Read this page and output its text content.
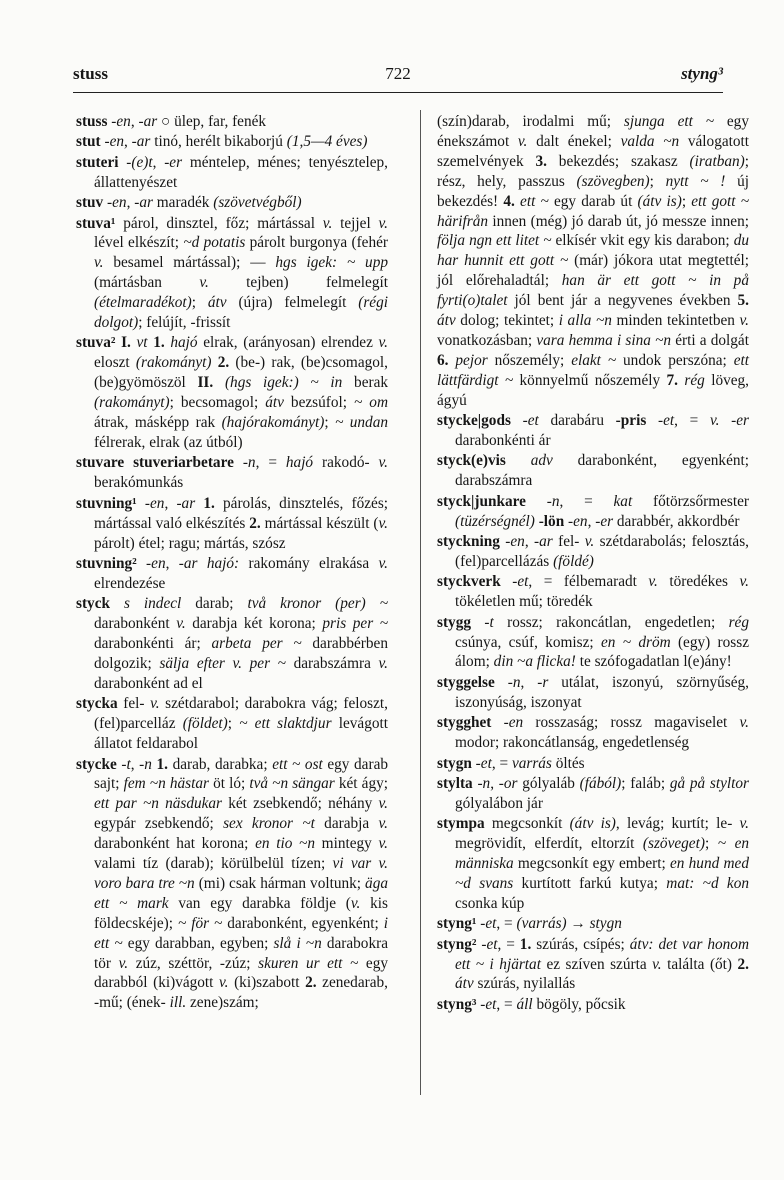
stuss	722	styng³
stuss -en, -ar ○ ülep, far, fenék
stut -en, -ar tinó, herélt bikaborjú (1,5—4 éves)
stuteri -(e)t, -er méntelep, ménes; tenyésztelep, állattenyészet
stuv -en, -ar maradék (szövetvégből)
stuva¹ párol, dinsztel, főz; mártással v. tejjel v. lével elkészít; ~d potatis párolt burgonya (fehér v. besamel mártással); — hgs igek: ~ upp (mártásban v. tejben) felmelegít (ételmaradékot); átv (újra) felmelegít (régi dolgot); felújít, -frissít
stuva² I. vt 1. hajó elrak, (arányosan) elrendez v. eloszt (rakományt) 2. (be-) rak, (be)csomagol, (be)gyömöszöl II. (hgs igek:) ~ in berak (rakományt); becsomagol; átv bezsúfol; ~ om átrak, másképp rak (hajórakományt); ~ undan félrerak, elrak (az útból)
stuvare stuveriarbetare -n, = hajó rakodó- v. berakómunkás
stuvning¹ -en, -ar 1. párolás, dinsztelés, főzés; mártással való elkészítés 2. mártással készült (v. párolt) étel; ragu; mártás, szósz
stuvning² -en, -ar hajó: rakomány elrakása v. elrendezése
styck s indecl darab; två kronor (per) ~ darabonként v. darabja két korona; pris per ~ darabonkénti ár; arbeta per ~ darabbérben dolgozik; sälja efter v. per ~ darabszámra v. darabonként ad el
stycka fel- v. szétdarabol; darabokra vág; feloszt, (fel)parcelláz (földet); ~ ett slaktdjur levágott állatot feldarabol
stycke -t, -n 1. darab, darabka; ett ~ ost egy darab sajt; fem ~n hästar öt ló; två ~n sängar két ágy; ett par ~n näsdukar két zsebkendő; néhány v. egypár zsebkendő; sex kronor ~t darabja v. darabonként hat korona; en tio ~n mintegy v. valami tíz (darab); körülbelül tízen; vi var v. voro bara tre ~n (mi) csak hárman voltunk; äga ett ~ mark van egy darabka földje (v. kis földecskéje); ~ för ~ darabonként, egyenként; i ett ~ egy darabban, egyben; slå i ~n darabokra tör v. zúz, szétt​ör, -zúz; skuren ur ett ~ egy darabból (ki)vágott v. (ki)szabott 2. zenedarab, -mű; (ének- ill. zene)szám;
(szín)darab, irodalmi mű; sjunga ett ~ egy énekszámot v. dalt énekel; valda ~n válogatott szemelvények 3. bekezdés; szakasz (iratban); rész, hely, passzus (szövegben); nytt ~ ! új bekezdés! 4. ett ~ egy darab út (átv is); ett gott ~ härifrån innen (még) jó darab út, jó messze innen; följa ngn ett litet ~ elkísér vkit egy kis darabon; du har hunnit ett gott ~ (már) jókora utat megtettél; jól előrehaladtál; han är ett gott ~ in på fyrti(o)talet jól bent jár a negyvenes években 5. átv dolog; tekintet; i alla ~n minden tekintetben v. vonatkozásban; vara hemma i sina ~n érti a dolgát 6. pejor nőszemély; elakt ~ undok perszóna; ett lättfärdigt ~ könnyelmű nőszemély 7. rég löveg, ágyú
stycke|gods -et darabáru -pris -et, = v. -er darabonkénti ár
styck(e)vis adv darabonként, egyenként; darabszámra
styck|junkare -n, = kat főtörzsőrmester (tüzérségnél) -lön -en, -er darabbér, akkordbér
styckning -en, -ar fel- v. szétdarabolás; felosztás, (fel)parcellázás (földé)
styckverk -et, = félbemaradt v. töredékes v. tökéletlen mű; töredék
stygg -t rossz; rakoncátlan, engedetlen; rég csúnya, csúf, komisz; en ~ dröm (egy) rossz álom; din ~a flicka! te szófogadatlan l(e)ány!
styggelse -n, -r utálat, iszonyú, szörnyűség, iszonyúság, iszonyat
stygghet -en rosszaság; rossz magaviselet v. modor; rakoncátlanság, engedetlenség
stygn -et, = varrás öltés
stylta -n, -or gólyaláb (fából); faláb; gå på styltor gólyalábon jár
stympa megcsonkít (átv is), levág; kurtít; le- v. megrövidít, elferdít, eltorzít (szöveget); ~ en människa megcsonkít egy embert; en hund med ~d svans kurtított farkú kutya; mat: ~d kon csonka kúp
styng¹ -et, = (varrás) → stygn
styng² -et, = 1. szúrás, csípés; átv: det var honom ett ~ i hjärtat ez szíven szúrta v. találta (őt) 2. átv szúrás, nyilallás
styng³ -et, = áll bögöly, pőcsik
